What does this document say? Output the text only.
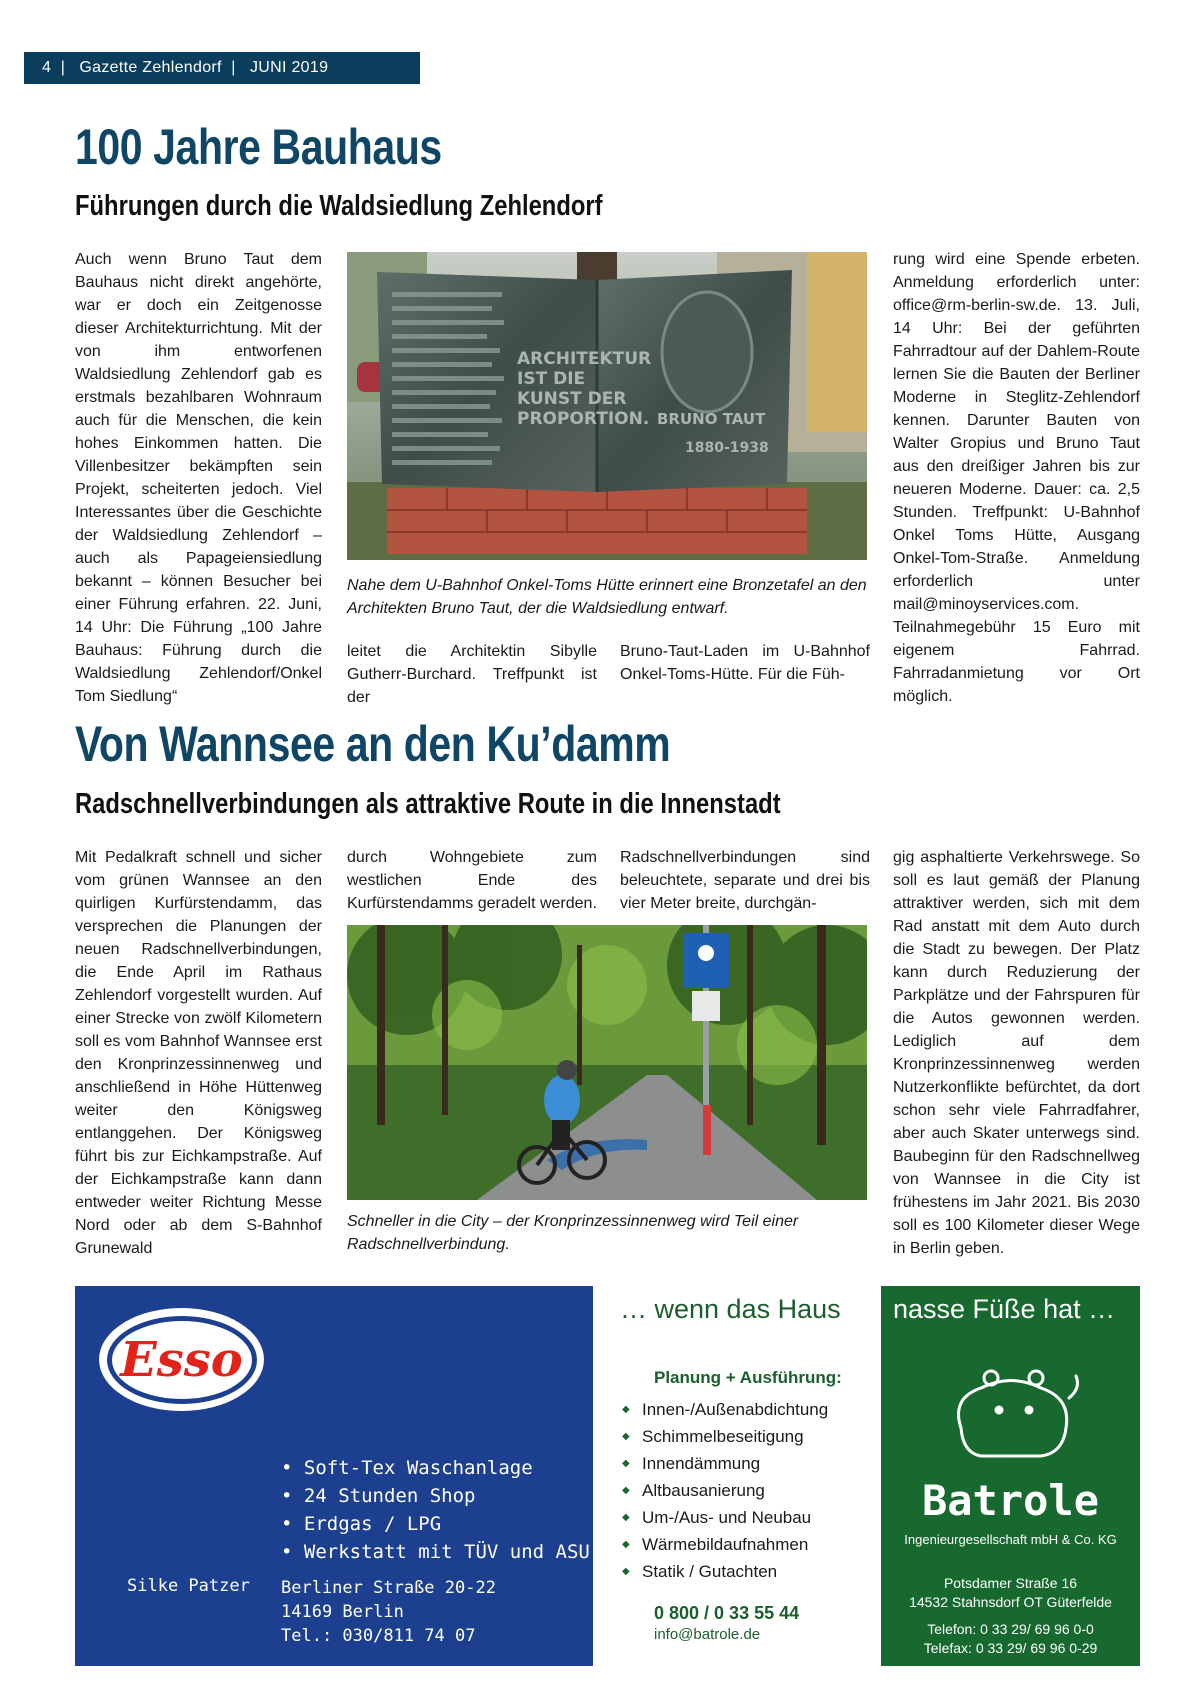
4  |   Gazette Zehlendorf  |   JUNI 2019
100 Jahre Bauhaus
Führungen durch die Waldsiedlung Zehlendorf

Auch wenn Bruno Taut dem Bauhaus nicht direkt angehörte, war er doch ein Zeitgenosse dieser Architekturrichtung. Mit der von ihm entworfenen Waldsiedlung Zehlendorf gab es erstmals bezahlbaren Wohnraum auch für die Menschen, die kein hohes Einkommen hatten. Die Villenbesitzer bekämpften sein Projekt, scheiterten jedoch. Viel Interessantes über die Geschichte der Waldsiedlung Zehlendorf – auch als Papageiensiedlung bekannt – können Besucher bei einer Führung erfahren. 22. Juni, 14 Uhr: Die Führung „100 Jahre Bauhaus: Führung durch die Waldsiedlung Zehlendorf/Onkel Tom Siedlung“

ARCHITEKTUR
IST DIE
KUNST DER
PROPORTION. BRUNO TAUT
1880-1938
Nahe dem U-Bahnhof Onkel-Toms Hütte erinnert eine Bronzetafel an den Architekten Bruno Taut, der die Waldsiedlung entwarf.

leitet die Architektin Sibylle Gutherr-Burchard. Treffpunkt ist der

Bruno-Taut-Laden im U-Bahnhof Onkel-Toms-Hütte. Für die Füh-

rung wird eine Spende erbeten. Anmeldung erforderlich unter: office@rm-berlin-sw.de. 13. Juli, 14 Uhr: Bei der geführten Fahrradtour auf der Dahlem-Route lernen Sie die Bauten der Berliner Moderne in Steglitz-Zehlendorf kennen. Darunter Bauten von Walter Gropius und Bruno Taut aus den dreißiger Jahren bis zur neueren Moderne. Dauer: ca. 2,5 Stunden. Treffpunkt: U-Bahnhof Onkel Toms Hütte, Ausgang Onkel-Tom-Straße. Anmeldung erforderlich unter mail@minoyservices.com. Teilnahmegebühr 15 Euro mit eigenem Fahrrad. Fahrradanmietung vor Ort möglich.

Von Wannsee an den Ku’damm
Radschnellverbindungen als attraktive Route in die Innenstadt

Mit Pedalkraft schnell und sicher vom grünen Wannsee an den quirligen Kurfürstendamm, das versprechen die Planungen der neuen Radschnellverbindungen, die Ende April im Rathaus Zehlendorf vorgestellt wurden. Auf einer Strecke von zwölf Kilometern soll es vom Bahnhof Wannsee erst den Kronprinzessinnenweg und anschließend in Höhe Hüttenweg weiter den Königsweg entlanggehen. Der Königsweg führt bis zur Eichkampstraße. Auf der Eichkampstraße kann dann entweder weiter Richtung Messe Nord oder ab dem S-Bahnhof Grunewald

durch Wohngebiete zum westlichen Ende des Kurfürstendamms geradelt werden.

Radschnellverbindungen sind beleuchtete, separate und drei bis vier Meter breite, durchgän-

Schneller in die City – der Kronprinzessinnenweg wird Teil einer Radschnellverbindung.

gig asphaltierte Verkehrswege. So soll es laut gemäß der Planung attraktiver werden, sich mit dem Rad anstatt mit dem Auto durch die Stadt zu bewegen. Der Platz kann durch Reduzierung der Parkplätze und der Fahrspuren für die Autos gewonnen werden. Lediglich auf dem Kronprinzessinnenweg werden Nutzerkonflikte befürchtet, da dort schon sehr viele Fahrradfahrer, aber auch Skater unterwegs sind. Baubeginn für den Radschnellweg von Wannsee in die City ist frühestens im Jahr 2021. Bis 2030 soll es 100 Kilometer dieser Wege in Berlin geben.

Esso
• Soft-Tex Waschanlage
• 24 Stunden Shop
• Erdgas / LPG
• Werkstatt mit TÜV und ASU
Silke Patzer Berliner Straße 20-22
14169 Berlin
Tel.: 030/811 74 07
… wenn das Haus
Planung + Ausführung:
◆ Innen-/Außenabdichtung
◆ Schimmelbeseitigung
◆ Innendämmung
◆ Altbausanierung
◆ Um-/Aus- und Neubau
◆ Wärmebildaufnahmen
◆ Statik / Gutachten
0 800 / 0 33 55 44
info@batrole.de
nasse Füße hat …
Batrole
Ingenieurgesellschaft mbH & Co. KG
Potsdamer Straße 16
14532 Stahnsdorf OT Güterfelde
Telefon: 0 33 29/ 69 96 0-0
Telefax: 0 33 29/ 69 96 0-29
